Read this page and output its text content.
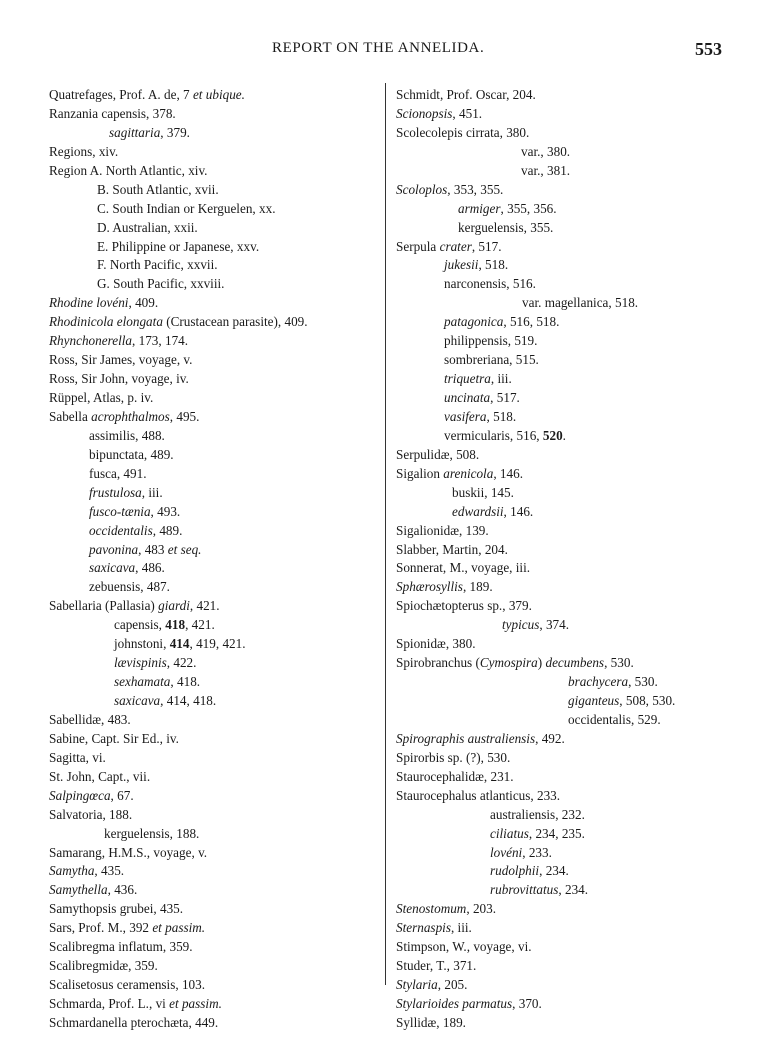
REPORT ON THE ANNELIDA.	553
Quatrefages, Prof. A. de, 7 et ubique.
Ranzania capensis, 378.
sagittaria, 379.
Regions, xiv.
Region A. North Atlantic, xiv.
B. South Atlantic, xvii.
C. South Indian or Kerguelen, xx.
D. Australian, xxii.
E. Philippine or Japanese, xxv.
F. North Pacific, xxvii.
G. South Pacific, xxviii.
Rhodine lovéni, 409.
Rhodinicola elongata (Crustacean parasite), 409.
Rhynchonerella, 173, 174.
Ross, Sir James, voyage, v.
Ross, Sir John, voyage, iv.
Rüppel, Atlas, p. iv.
Sabella acrophthalmos, 495.
assimilis, 488.
bipunctata, 489.
fusca, 491.
frustulosa, iii.
fusco-tænia, 493.
occidentalis, 489.
pavonina, 483 et seq.
saxicava, 486.
zebuensis, 487.
Sabellaria (Pallasia) giardi, 421.
capensis, 418, 421.
johnstoni, 414, 419, 421.
lævispinis, 422.
sexhamata, 418.
saxicava, 414, 418.
Sabellidæ, 483.
Sabine, Capt. Sir Ed., iv.
Sagitta, vi.
St. John, Capt., vii.
Salpingœca, 67.
Salvatoria, 188.
kerguelensis, 188.
Samarang, H.M.S., voyage, v.
Samytha, 435.
Samythella, 436.
Samythopsis grubei, 435.
Sars, Prof. M., 392 et passim.
Scalibregma inflatum, 359.
Scalibregmidæ, 359.
Scalisetosus ceramensis, 103.
Schmarda, Prof. L., vi et passim.
Schmardanella pterochæta, 449.
Schmidt, Prof. Oscar, 204.
Scionopsis, 451.
Scolecolepis cirrata, 380.
var., 380.
var., 381.
Scoloplos, 353, 355.
armiger, 355, 356.
kerguelensis, 355.
Serpula crater, 517.
jukesii, 518.
narconensis, 516.
var. magellanica, 518.
patagonica, 516, 518.
philippensis, 519.
sombreriana, 515.
triquetra, iii.
uncinata, 517.
vasifera, 518.
vermicularis, 516, 520.
Serpulidæ, 508.
Sigalion arenicola, 146.
buskii, 145.
edwardsii, 146.
Sigalionidæ, 139.
Slabber, Martin, 204.
Sonnerat, M., voyage, iii.
Sphærosyllis, 189.
Spiochætopterus sp., 379.
typicus, 374.
Spionidæ, 380.
Spirobranchus (Cymospira) decumbens, 530.
brachycera, 530.
giganteus, 508, 530.
occidentalis, 529.
Spirographis australiensis, 492.
Spirorbis sp. (?), 530.
Staurocephalidæ, 231.
Staurocephalus atlanticus, 233.
australiensis, 232.
ciliatus, 234, 235.
lovéni, 233.
rudolphii, 234.
rubrovittatus, 234.
Stenostomum, 203.
Sternaspis, iii.
Stimpson, W., voyage, vi.
Studer, T., 371.
Stylaria, 205.
Stylarioides parmatus, 370.
Syllidæ, 189.
